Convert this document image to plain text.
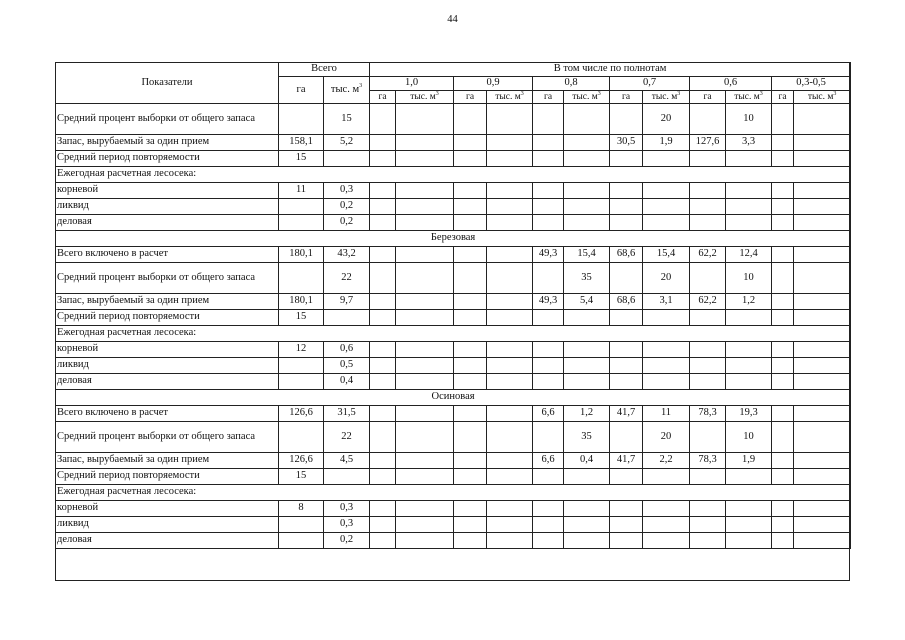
44
Показатели	Всего		В том числе по полнотам											
	га	тыс. $м^3$	1,0		0,9		0,8		0,7		0,6		0,3-0,5	
			га	тыс. $м^3$	га	тыс. $м^3$	га	тыс. $м^3$	га	тыс. $м^3$	га	тыс. $м^3$	га	тыс. $м^3$
Средний процент выборки от общего запаса		15								20		10		
Запас, вырубаемый за один прием	158,1	5,2							30,5	1,9	127,6	3,3		
Средний период повторяемости	15													
Ежегодная расчетная лесосека:														
корневой	11	0,3												
ликвид		0,2												
деловая		0,2												
Березовая														
Всего включено в расчет	180,1	43,2					49,3	15,4	68,6	15,4	62,2	12,4		
Средний процент выборки от общего запаса		22						35		20		10		
Запас, вырубаемый за один прием	180,1	9,7					49,3	5,4	68,6	3,1	62,2	1,2		
Средний период повторяемости	15													
Ежегодная расчетная лесосека:														
корневой	12	0,6												
ликвид		0,5												
деловая		0,4												
Осиновая														
Всего включено в расчет	126,6	31,5					6,6	1,2	41,7	11	78,3	19,3		
Средний процент выборки от общего запаса		22						35		20		10		
Запас, вырубаемый за один прием	126,6	4,5					6,6	0,4	41,7	2,2	78,3	1,9		
Средний период повторяемости	15													
Ежегодная расчетная лесосека:														
корневой	8	0,3												
ликвид		0,3												
деловая		0,2												
